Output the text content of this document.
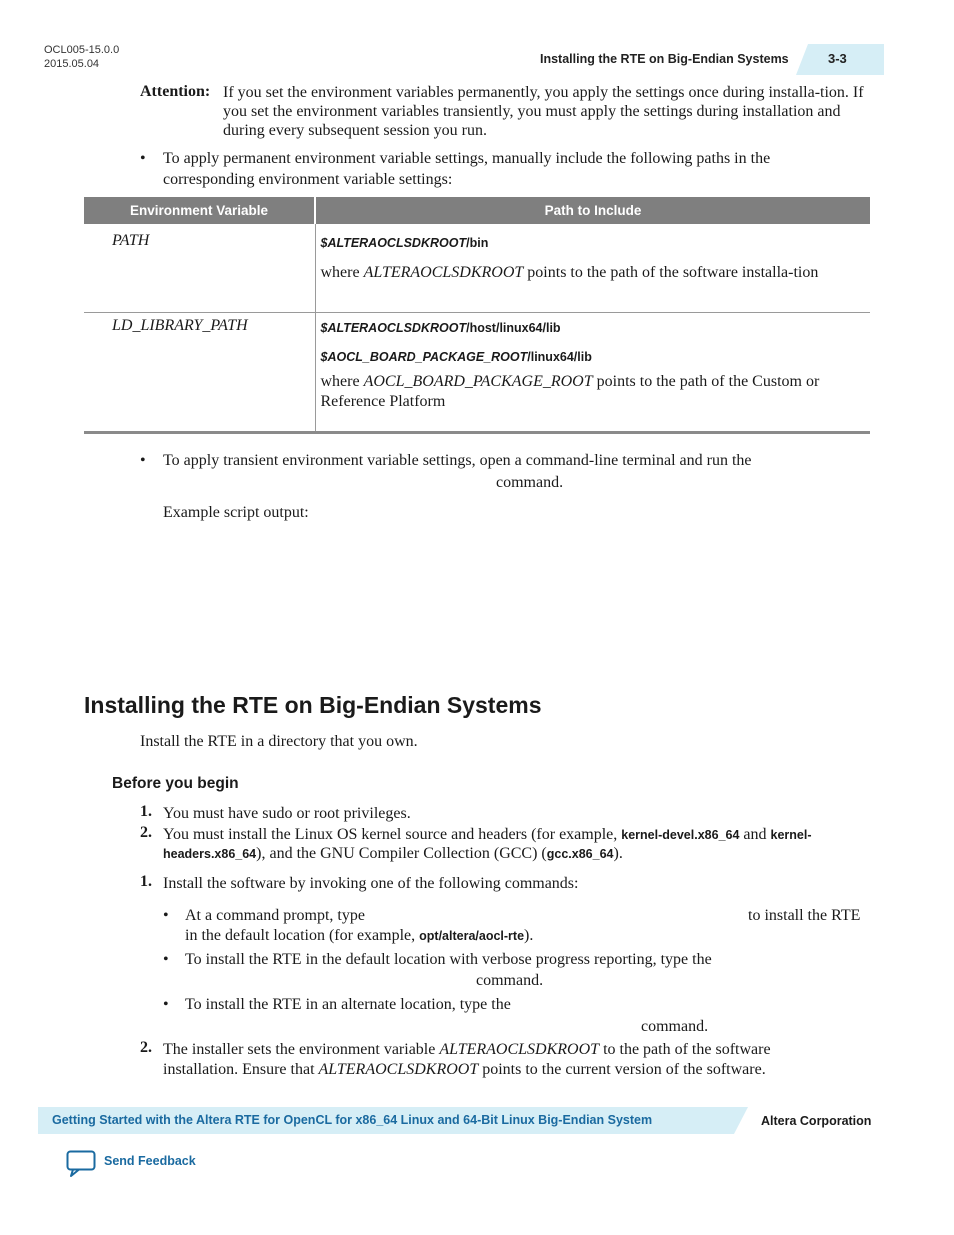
OCL005-15.0.0
2015.05.04	Installing the RTE on Big-Endian Systems	3-3
Attention: If you set the environment variables permanently, you apply the settings once during installa-tion. If you set the environment variables transiently, you must apply the settings during installation and during every subsequent session you run.
• To apply permanent environment variable settings, manually include the following paths in the corresponding environment variable settings:
Environment Variable	Path to Include

PATH	$ALTERAOCLSDKROOT/bin
where ALTERAOCLSDKROOT points to the path of the software installa-tion

LD_LIBRARY_PATH	$ALTERAOCLSDKROOT/host/linux64/lib
$AOCL_BOARD_PACKAGE_ROOT/linux64/lib
where AOCL_BOARD_PACKAGE_ROOT points to the path of the Custom or Reference Platform
• To apply transient environment variable settings, open a command-line terminal and run the
command.
Example script output:
Installing the RTE on Big-Endian Systems
Install the RTE in a directory that you own.
Before you begin
1. You must have sudo or root privileges.
2. You must install the Linux OS kernel source and headers (for example, kernel-devel.x86_64 and kernel-
headers.x86_64), and the GNU Compiler Collection (GCC) (gcc.x86_64).
1. Install the software by invoking one of the following commands:
• At a command prompt, type	to install the RTE
in the default location (for example, opt/altera/aocl-rte).
• To install the RTE in the default location with verbose progress reporting, type the
command.
• To install the RTE in an alternate location, type the
command.
2. The installer sets the environment variable ALTERAOCLSDKROOT to the path of the software
installation. Ensure that ALTERAOCLSDKROOT points to the current version of the software.
Getting Started with the Altera RTE for OpenCL for x86_64 Linux and 64-Bit Linux Big-Endian System	Altera Corporation
Send Feedback
